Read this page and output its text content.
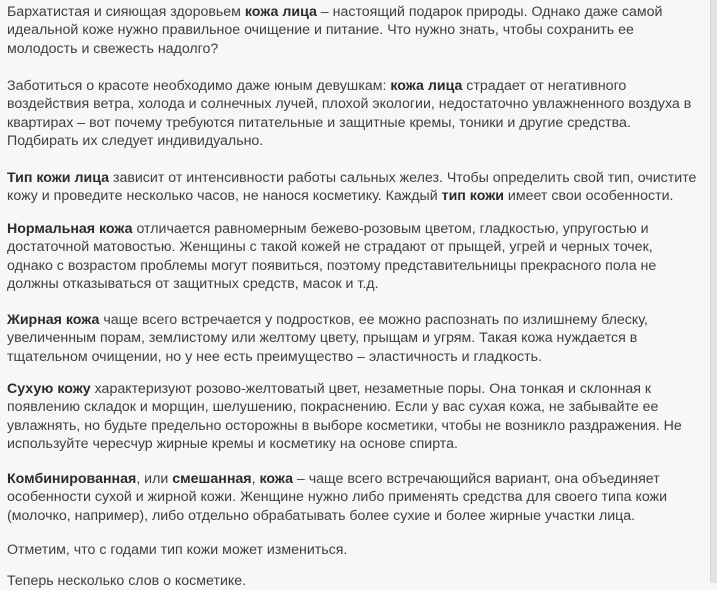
Бархатистая и сияющая здоровьем кожа лица – настоящий подарок природы. Однако даже самой идеальной коже нужно правильное очищение и питание. Что нужно знать, чтобы сохранить ее молодость и свежесть надолго?

Заботиться о красоте необходимо даже юным девушкам: кожа лица страдает от негативного воздействия ветра, холода и солнечных лучей, плохой экологии, недостаточно увлажненного воздуха в квартирах – вот почему требуются питательные и защитные кремы, тоники и другие средства. Подбирать их следует индивидуально.

Тип кожи лица зависит от интенсивности работы сальных желез. Чтобы определить свой тип, очистите кожу и проведите несколько часов, не нанося косметику. Каждый тип кожи имеет свои особенности.

Нормальная кожа отличается равномерным бежево-розовым цветом, гладкостью, упругостью и достаточной матовостью. Женщины с такой кожей не страдают от прыщей, угрей и черных точек, однако с возрастом проблемы могут появиться, поэтому представительницы прекрасного пола не должны отказываться от защитных средств, масок и т.д.

Жирная кожа чаще всего встречается у подростков, ее можно распознать по излишнему блеску, увеличенным порам, землистому или желтому цвету, прыщам и угрям. Такая кожа нуждается в тщательном очищении, но у нее есть преимущество – эластичность и гладкость.

Сухую кожу характеризуют розово-желтоватый цвет, незаметные поры. Она тонкая и склонная к появлению складок и морщин, шелушению, покраснению. Если у вас сухая кожа, не забывайте ее увлажнять, но будьте предельно осторожны в выборе косметики, чтобы не возникло раздражения. Не используйте чересчур жирные кремы и косметику на основе спирта.

Комбинированная, или смешанная, кожа – чаще всего встречающийся вариант, она объединяет особенности сухой и жирной кожи. Женщине нужно либо применять средства для своего типа кожи (молочко, например), либо отдельно обрабатывать более сухие и более жирные участки лица.

Отметим, что с годами тип кожи может измениться.

Теперь несколько слов о косметике.
